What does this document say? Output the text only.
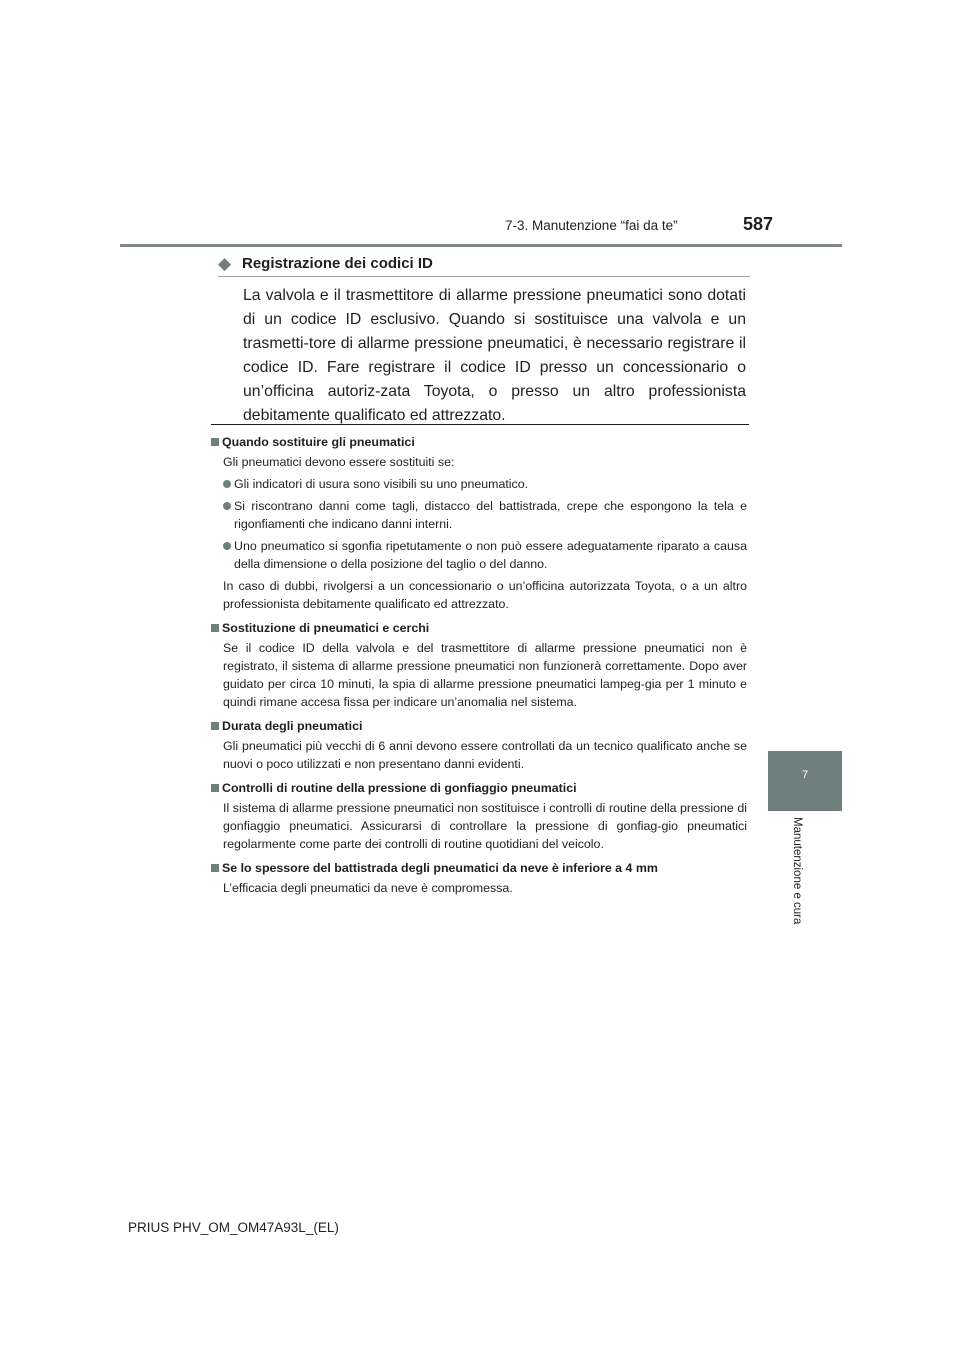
7-3. Manutenzione “fai da te”	587
7
Manutenzione e cura
◆ Registrazione dei codici ID
La valvola e il trasmettitore di allarme pressione pneumatici sono dotati di un codice ID esclusivo. Quando si sostituisce una valvola e un trasmetti-tore di allarme pressione pneumatici, è necessario registrare il codice ID. Fare registrare il codice ID presso un concessionario o un’officina autoriz-zata Toyota, o presso un altro professionista debitamente qualificato ed attrezzato.
Quando sostituire gli pneumatici
Gli pneumatici devono essere sostituiti se:
Gli indicatori di usura sono visibili su uno pneumatico.
Si riscontrano danni come tagli, distacco del battistrada, crepe che espongono la tela e rigonfiamenti che indicano danni interni.
Uno pneumatico si sgonfia ripetutamente o non può essere adeguatamente riparato a causa della dimensione o della posizione del taglio o del danno.
In caso di dubbi, rivolgersi a un concessionario o un’officina autorizzata Toyota, o a un altro professionista debitamente qualificato ed attrezzato.
Sostituzione di pneumatici e cerchi
Se il codice ID della valvola e del trasmettitore di allarme pressione pneumatici non è registrato, il sistema di allarme pressione pneumatici non funzionerà correttamente. Dopo aver guidato per circa 10 minuti, la spia di allarme pressione pneumatici lampeg-gia per 1 minuto e quindi rimane accesa fissa per indicare un’anomalia nel sistema.
Durata degli pneumatici
Gli pneumatici più vecchi di 6 anni devono essere controllati da un tecnico qualificato anche se nuovi o poco utilizzati e non presentano danni evidenti.
Controlli di routine della pressione di gonfiaggio pneumatici
Il sistema di allarme pressione pneumatici non sostituisce i controlli di routine della pressione di gonfiaggio pneumatici. Assicurarsi di controllare la pressione di gonfiag-gio pneumatici regolarmente come parte dei controlli di routine quotidiani del veicolo.
Se lo spessore del battistrada degli pneumatici da neve è inferiore a 4 mm
L’efficacia degli pneumatici da neve è compromessa.
PRIUS PHV_OM_OM47A93L_(EL)
